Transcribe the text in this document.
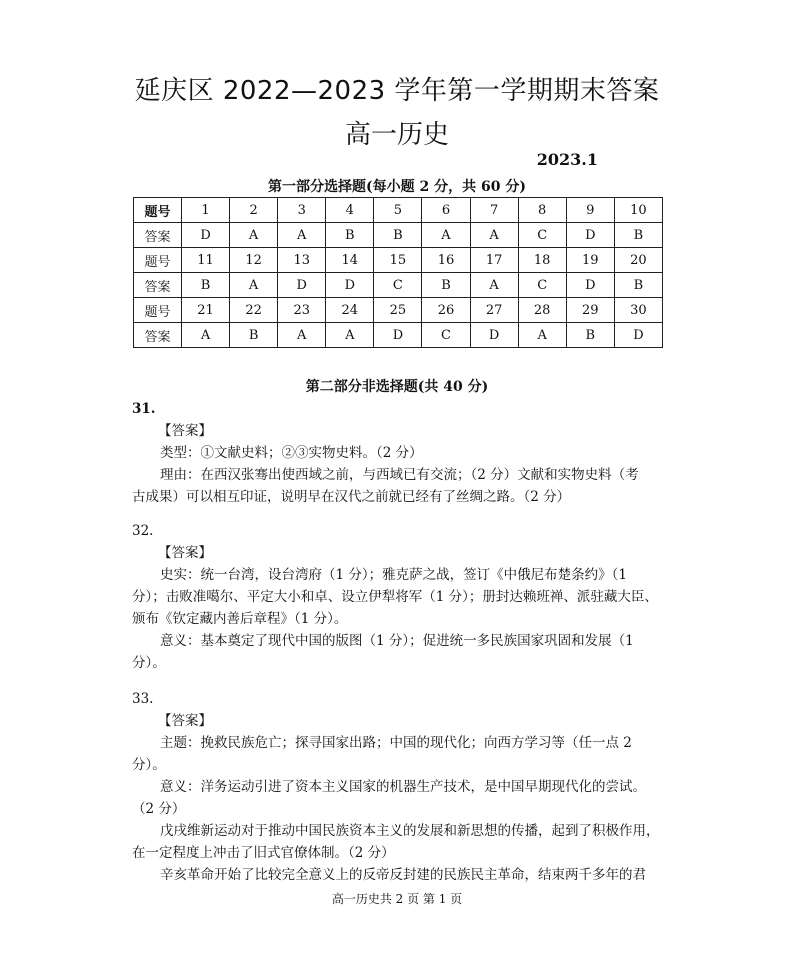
延庆区 2022—2023 学年第一学期期末答案
高一历史
2023.1
第一部分选择题(每小题 2 分，共 60 分)
题号	1	2	3	4	5	6	7	8	9	10
答案	D	A	A	B	B	A	A	C	D	B
题号	11	12	13	14	15	16	17	18	19	20
答案	B	A	D	D	C	B	A	C	D	B
题号	21	22	23	24	25	26	27	28	29	30
答案	A	B	A	A	D	C	D	A	B	D
第二部分非选择题(共 40 分)

31.

【答案】

类型：①文献史料；②③实物史料。（2 分）

理由：在西汉张骞出使西域之前，与西域已有交流；（2 分）文献和实物史料（考

古成果）可以相互印证，说明早在汉代之前就已经有了丝绸之路。（2 分）

32.

【答案】

史实：统一台湾，设台湾府（1 分）；雅克萨之战，签订《中俄尼布楚条约》（1

分）；击败准噶尔、平定大小和卓、设立伊犁将军（1 分）；册封达赖班禅、派驻藏大臣、

颁布《钦定藏内善后章程》（1 分）。

意义：基本奠定了现代中国的版图（1 分）；促进统一多民族国家巩固和发展（1

分）。

33.

【答案】

主题：挽救民族危亡；探寻国家出路；中国的现代化；向西方学习等（任一点 2

分）。

意义：洋务运动引进了资本主义国家的机器生产技术，是中国早期现代化的尝试。

（2 分）

戊戌维新运动对于推动中国民族资本主义的发展和新思想的传播，起到了积极作用，

在一定程度上冲击了旧式官僚体制。（2 分）

辛亥革命开始了比较完全意义上的反帝反封建的民族民主革命，结束两千多年的君

高一历史共 2 页 第 1 页
